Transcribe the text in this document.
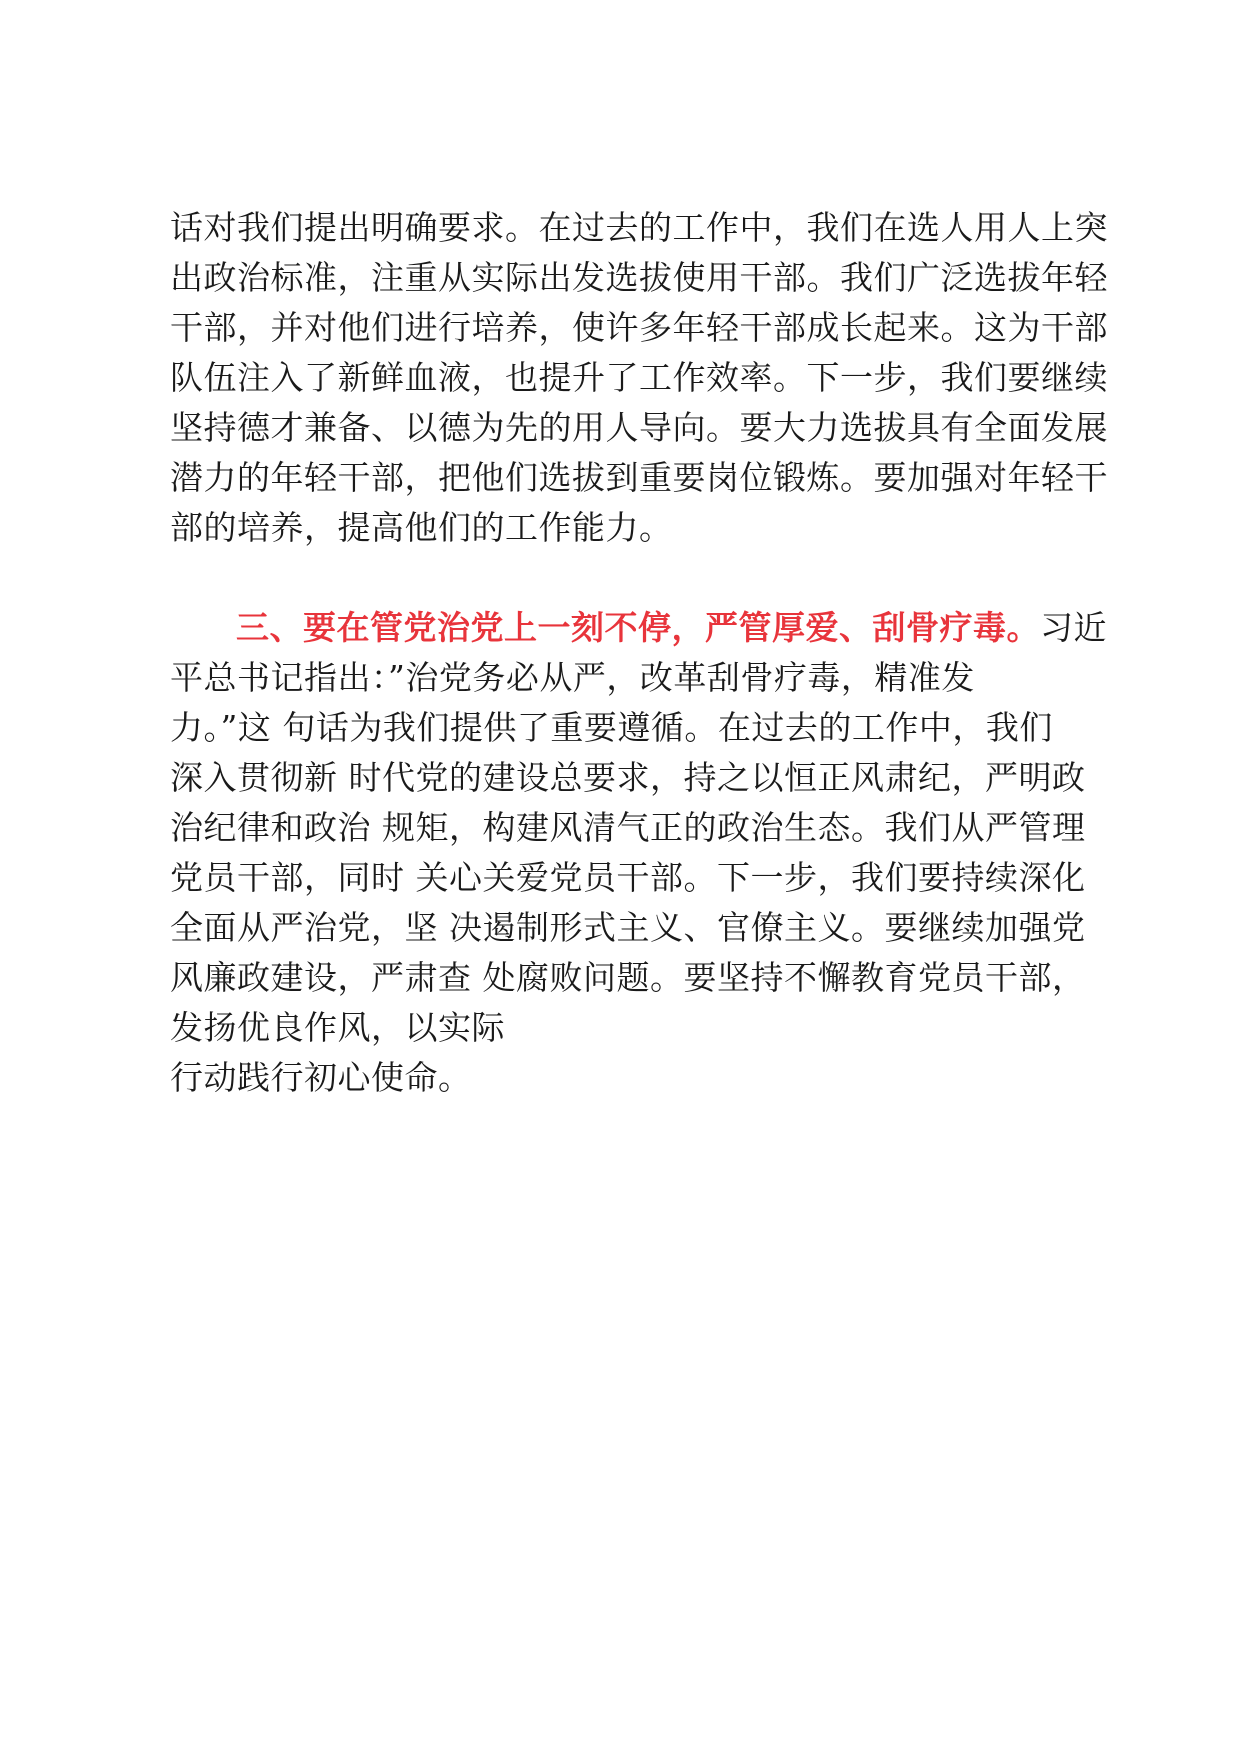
话对我们提出明确要求。在过去的工作中，我们在选人用人上突
出政治标准，注重从实际出发选拔使用干部。我们广泛选拔年轻
干部，并对他们进行培养，使许多年轻干部成长起来。这为干部
队伍注入了新鲜血液，也提升了工作效率。下一步，我们要继续
坚持德才兼备、以德为先的用人导向。要大力选拔具有全面发展
潜力的年轻干部，把他们选拔到重要岗位锻炼。要加强对年轻干
部的培养，提高他们的工作能力。
三、要在管党治党上一刻不停，严管厚爱、刮骨疗毒。习近
平总书记指出：”治党务必从严，改革刮骨疗毒，精准发
力。”这 句话为我们提供了重要遵循。在过去的工作中，我们
深入贯彻新 时代党的建设总要求，持之以恒正风肃纪，严明政
治纪律和政治 规矩，构建风清气正的政治生态。我们从严管理
党员干部，同时 关心关爱党员干部。下一步，我们要持续深化
全面从严治党，坚 决遏制形式主义、官僚主义。要继续加强党
风廉政建设，严肃查 处腐败问题。要坚持不懈教育党员干部，
发扬优良作风，以实际
行动践行初心使命。
